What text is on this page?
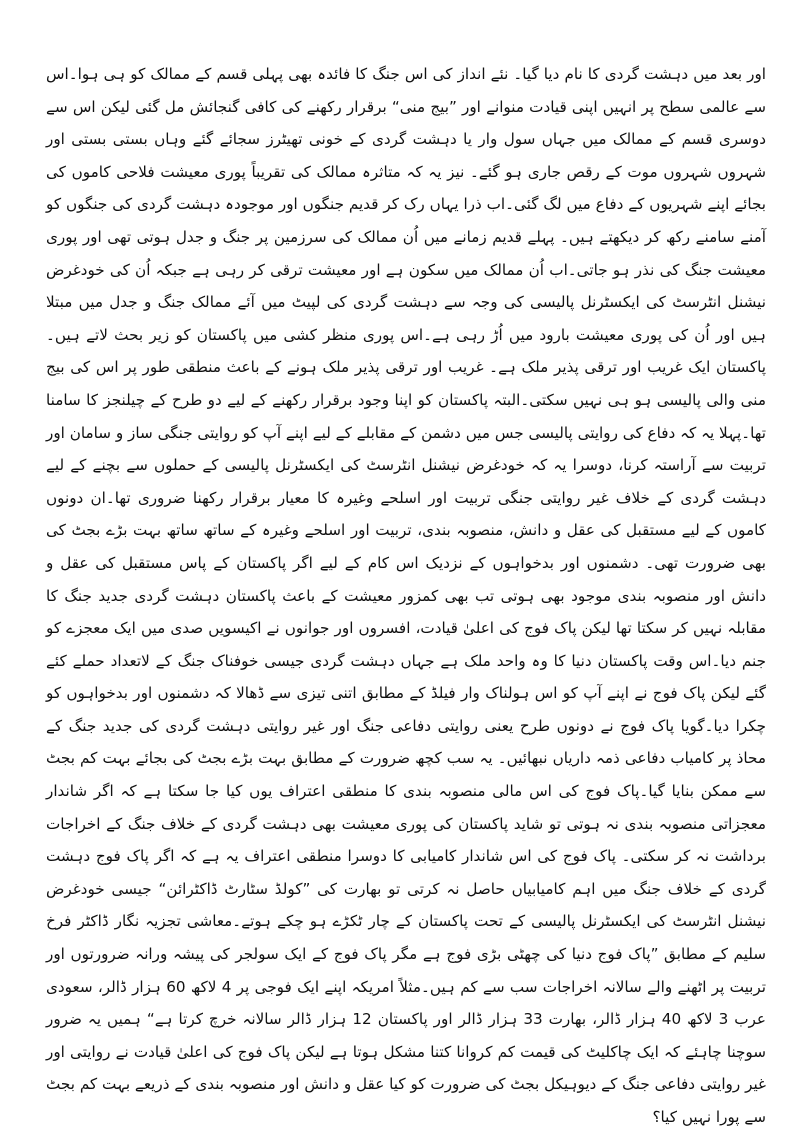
اور بعد میں دہشت گردی کا نام دیا گیا۔ نئے انداز کی اس جنگ کا فائدہ بھی پہلی قسم کے ممالک کو ہی ہوا۔اس سے عالمی سطح پر انہیں اپنی قیادت منوانے اور ”بیج منی“ برقرار رکھنے کی کافی گنجائش مل گئی لیکن اس سے دوسری قسم کے ممالک میں جہاں سول وار یا دہشت گردی کے خونی تھیٹرز سجائے گئے وہاں بستی بستی اور شہروں شہروں موت کے رقص جاری ہو گئے۔ نیز یہ کہ متاثرہ ممالک کی تقریباً پوری معیشت فلاحی کاموں کی بجائے اپنے شہریوں کے دفاع میں لگ گئی۔اب ذرا یہاں رک کر قدیم جنگوں اور موجودہ دہشت گردی کی جنگوں کو آمنے سامنے رکھ کر دیکھتے ہیں۔ پہلے قدیم زمانے میں اُن ممالک کی سرزمین پر جنگ و جدل ہوتی تھی اور پوری معیشت جنگ کی نذر ہو جاتی۔اب اُن ممالک میں سکون ہے اور معیشت ترقی کر رہی ہے جبکہ اُن کی خودغرض نیشنل انٹرسٹ کی ایکسٹرنل پالیسی کی وجہ سے دہشت گردی کی لپیٹ میں آئے ممالک جنگ و جدل میں مبتلا ہیں اور اُن کی پوری معیشت بارود میں اُڑ رہی ہے۔اس پوری منظر کشی میں پاکستان کو زیر بحث لاتے ہیں۔پاکستان ایک غریب اور ترقی پذیر ملک ہے۔ غریب اور ترقی پذیر ملک ہونے کے باعث منطقی طور پر اس کی بیج منی والی پالیسی ہو ہی نہیں سکتی۔البتہ پاکستان کو اپنا وجود برقرار رکھنے کے لیے دو طرح کے چیلنجز کا سامنا تھا۔پہلا یہ کہ دفاع کی روایتی پالیسی جس میں دشمن کے مقابلے کے لیے اپنے آپ کو روایتی جنگی ساز و سامان اور تربیت سے آراستہ کرنا، دوسرا یہ کہ خودغرض نیشنل انٹرسٹ کی ایکسٹرنل پالیسی کے حملوں سے بچنے کے لیے دہشت گردی کے خلاف غیر روایتی جنگی تربیت اور اسلحے وغیرہ کا معیار برقرار رکھنا ضروری تھا۔ان دونوں کاموں کے لیے مستقبل کی عقل و دانش، منصوبہ بندی، تربیت اور اسلحے وغیرہ کے ساتھ ساتھ بہت بڑے بجٹ کی بھی ضرورت تھی۔ دشمنوں اور بدخواہوں کے نزدیک اس کام کے لیے اگر پاکستان کے پاس مستقبل کی عقل و دانش اور منصوبہ بندی موجود بھی ہوتی تب بھی کمزور معیشت کے باعث پاکستان دہشت گردی جدید جنگ کا مقابلہ نہیں کر سکتا تھا لیکن پاک فوج کی اعلیٰ قیادت، افسروں اور جوانوں نے اکیسویں صدی میں ایک معجزے کو جنم دیا۔اس وقت پاکستان دنیا کا وہ واحد ملک ہے جہاں دہشت گردی جیسی خوفناک جنگ کے لاتعداد حملے کئے گئے لیکن پاک فوج نے اپنے آپ کو اس ہولناک وار فیلڈ کے مطابق اتنی تیزی سے ڈھالا کہ دشمنوں اور بدخواہوں کو چکرا دیا۔گویا پاک فوج نے دونوں طرح یعنی روایتی دفاعی جنگ اور غیر روایتی دہشت گردی کی جدید جنگ کے محاذ پر کامیاب دفاعی ذمہ داریاں نبھائیں۔ یہ سب کچھ ضرورت کے مطابق بہت بڑے بجٹ کی بجائے بہت کم بجٹ سے ممکن بنایا گیا۔پاک فوج کی اس مالی منصوبہ بندی کا منطقی اعتراف یوں کیا جا سکتا ہے کہ اگر شاندار معجزاتی منصوبہ بندی نہ ہوتی تو شاید پاکستان کی پوری معیشت بھی دہشت گردی کے خلاف جنگ کے اخراجات برداشت نہ کر سکتی۔ پاک فوج کی اس شاندار کامیابی کا دوسرا منطقی اعتراف یہ ہے کہ اگر پاک فوج دہشت گردی کے خلاف جنگ میں اہم کامیابیاں حاصل نہ کرتی تو بھارت کی ”کولڈ سٹارٹ ڈاکٹرائن“ جیسی خودغرض نیشنل انٹرسٹ کی ایکسٹرنل پالیسی کے تحت پاکستان کے چار ٹکڑے ہو چکے ہوتے۔معاشی تجزیہ نگار ڈاکٹر فرخ سلیم کے مطابق ”پاک فوج دنیا کی چھٹی بڑی فوج ہے مگر پاک فوج کے ایک سولجر کی پیشہ ورانہ ضرورتوں اور تربیت پر اٹھنے والے سالانہ اخراجات سب سے کم ہیں۔مثلاً امریکہ اپنے ایک فوجی پر 4 لاکھ 60 ہزار ڈالر، سعودی عرب 3 لاکھ 40 ہزار ڈالر، بھارت 33 ہزار ڈالر اور پاکستان 12 ہزار ڈالر سالانہ خرچ کرتا ہے“ ہمیں یہ ضرور سوچنا چاہئے کہ ایک چاکلیٹ کی قیمت کم کروانا کتنا مشکل ہوتا ہے لیکن پاک فوج کی اعلیٰ قیادت نے روایتی اور غیر روایتی دفاعی جنگ کے دیوہیکل بجٹ کی ضرورت کو کیا عقل و دانش اور منصوبہ بندی کے ذریعے بہت کم بجٹ سے پورا نہیں کیا؟
